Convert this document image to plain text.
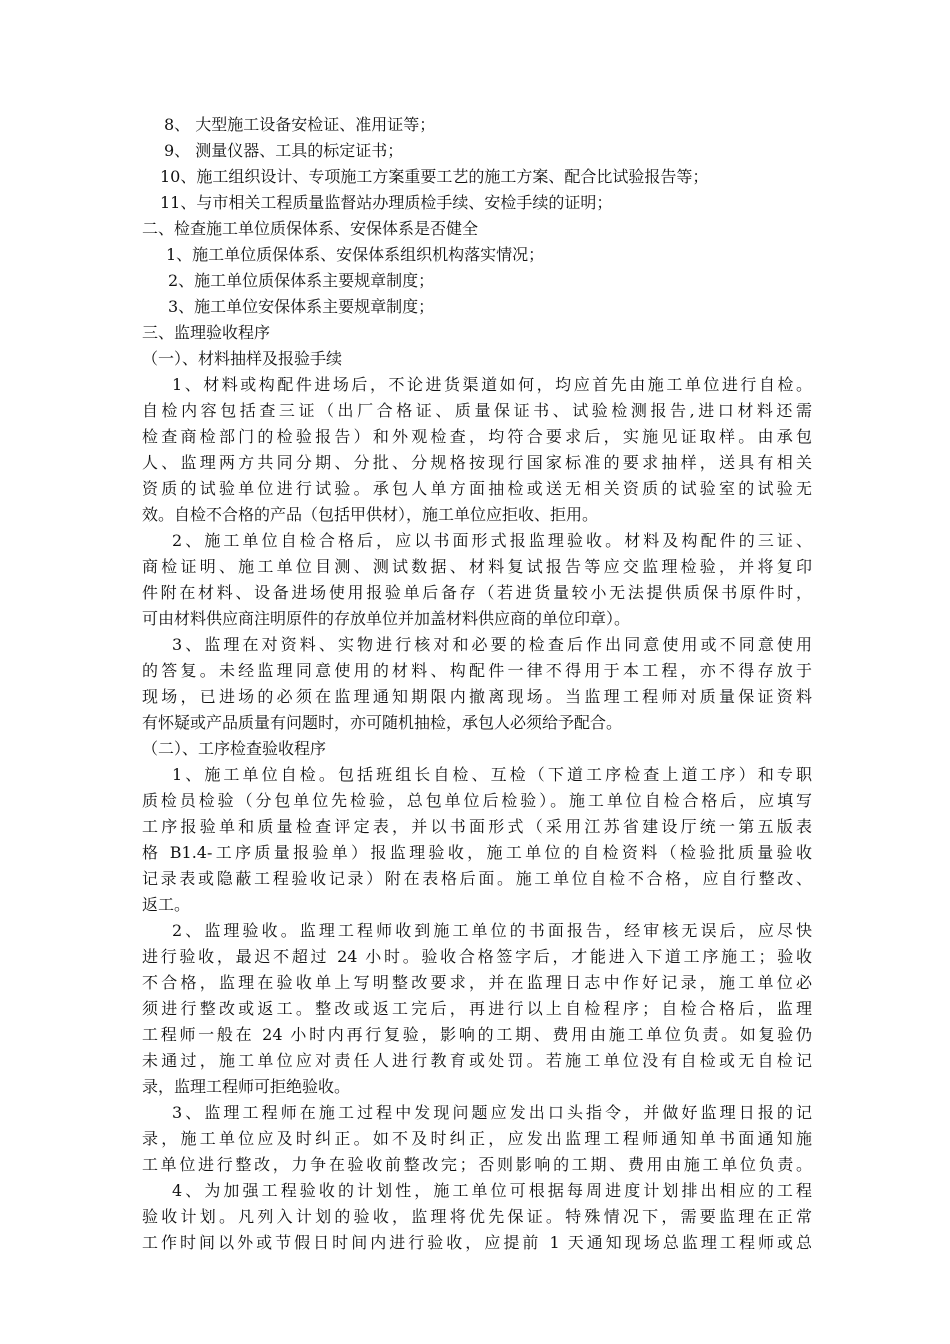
8、 大型施工设备安检证、准用证等；
9、 测量仪器、工具的标定证书；
10、施工组织设计、专项施工方案重要工艺的施工方案、配合比试验报告等；
11、与市相关工程质量监督站办理质检手续、安检手续的证明；
二、检查施工单位质保体系、安保体系是否健全
1、施工单位质保体系、安保体系组织机构落实情况；
2、施工单位质保体系主要规章制度；
3、施工单位安保体系主要规章制度；
三、监理验收程序
（一）、材料抽样及报验手续
1、材料或构配件进场后，不论进货渠道如何，均应首先由施工单位进行自检。
自检内容包括查三证（出厂合格证、质量保证书、试验检测报告,进口材料还需
检查商检部门的检验报告）和外观检查，均符合要求后，实施见证取样。由承包
人、监理两方共同分期、分批、分规格按现行国家标准的要求抽样，送具有相关
资质的试验单位进行试验。承包人单方面抽检或送无相关资质的试验室的试验无
效。自检不合格的产品（包括甲供材），施工单位应拒收、拒用。
2、施工单位自检合格后，应以书面形式报监理验收。材料及构配件的三证、
商检证明、施工单位目测、测试数据、材料复试报告等应交监理检验，并将复印
件附在材料、设备进场使用报验单后备存（若进货量较小无法提供质保书原件时，
可由材料供应商注明原件的存放单位并加盖材料供应商的单位印章）。
3、监理在对资料、实物进行核对和必要的检查后作出同意使用或不同意使用
的答复。未经监理同意使用的材料、构配件一律不得用于本工程，亦不得存放于
现场，已进场的必须在监理通知期限内撤离现场。当监理工程师对质量保证资料
有怀疑或产品质量有问题时，亦可随机抽检，承包人必须给予配合。
（二）、工序检查验收程序
1、施工单位自检。包括班组长自检、互检（下道工序检查上道工序）和专职
质检员检验（分包单位先检验，总包单位后检验）。施工单位自检合格后，应填写
工序报验单和质量检查评定表，并以书面形式（采用江苏省建设厅统一第五版表
格 B1.4-工序质量报验单）报监理验收，施工单位的自检资料（检验批质量验收
记录表或隐蔽工程验收记录）附在表格后面。施工单位自检不合格，应自行整改、
返工。
2、监理验收。监理工程师收到施工单位的书面报告，经审核无误后，应尽快
进行验收，最迟不超过 24 小时。验收合格签字后，才能进入下道工序施工；验收
不合格，监理在验收单上写明整改要求，并在监理日志中作好记录，施工单位必
须进行整改或返工。整改或返工完后，再进行以上自检程序；自检合格后，监理
工程师一般在 24 小时内再行复验，影响的工期、费用由施工单位负责。如复验仍
未通过，施工单位应对责任人进行教育或处罚。若施工单位没有自检或无自检记
录，监理工程师可拒绝验收。
3、监理工程师在施工过程中发现问题应发出口头指令，并做好监理日报的记
录，施工单位应及时纠正。如不及时纠正，应发出监理工程师通知单书面通知施
工单位进行整改，力争在验收前整改完；否则影响的工期、费用由施工单位负责。
4、为加强工程验收的计划性，施工单位可根据每周进度计划排出相应的工程
验收计划。凡列入计划的验收，监理将优先保证。特殊情况下，需要监理在正常
工作时间以外或节假日时间内进行验收，应提前 1 天通知现场总监理工程师或总
